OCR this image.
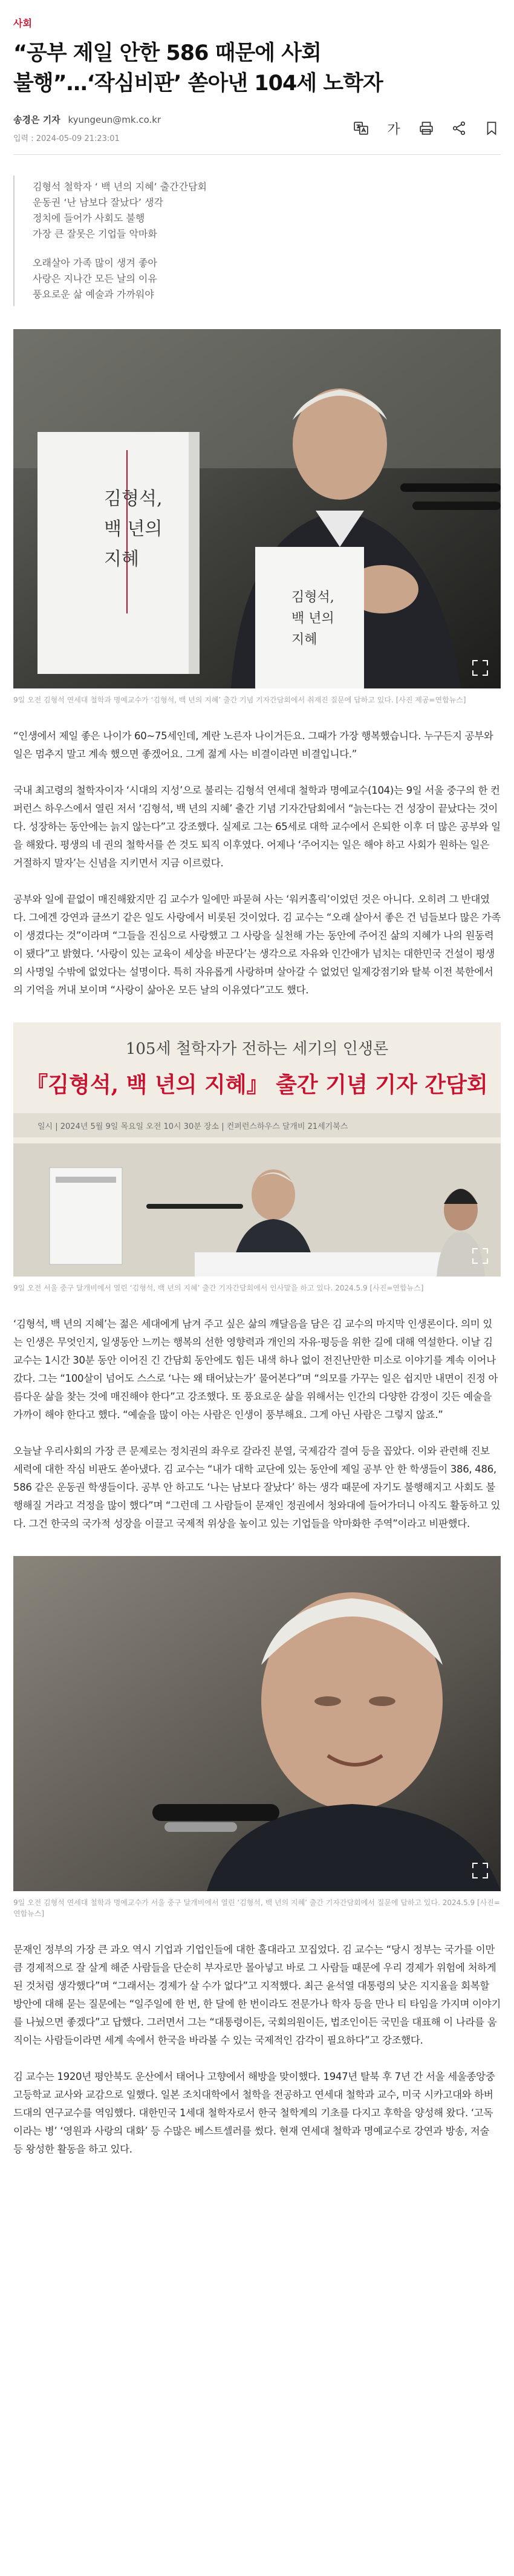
사회
“공부 제일 안한 586 때문에 사회
불행”…‘작심비판’ 쏟아낸 104세 노학자
송경은 기자 kyungeun@mk.co.kr
입력 : 2024-05-09 21:23:01
가
김형석 철학자 ‘ 백 년의 지혜’ 출간간담회
운동권 ‘난 남보다 잘났다’ 생각
정치에 들어가 사회도 불행
가장 큰 잘못은 기업들 악마화
오래살아 가족 많이 생겨 좋아
사랑은 지나간 모든 날의 이유
풍요로운 삶 예술과 가까워야
김형석,
백 년의
지혜
김형석,
백 년의
지혜
9일 오전 김형석 연세대 철학과 명예교수가 ‘김형석, 백 년의 지혜’ 출간 기념 기자간담회에서 취재진 질문에 답하고 있다. [사진 제공=연합뉴스]

“인생에서 제일 좋은 나이가 60~75세인데, 계란 노른자 나이거든요. 그때가 가장 행복했습니다. 누구든지 공부와 일은 멈추지 말고 계속 했으면 좋겠어요. 그게 젊게 사는 비결이라면 비결입니다.”

국내 최고령의 철학자이자 ‘시대의 지성’으로 불리는 김형석 연세대 철학과 명예교수(104)는 9일 서울 중구의 한 컨퍼런스 하우스에서 열린 저서 ‘김형석, 백 년의 지혜’ 출간 기념 기자간담회에서 “늙는다는 건 성장이 끝났다는 것이다. 성장하는 동안에는 늙지 않는다”고 강조했다. 실제로 그는 65세로 대학 교수에서 은퇴한 이후 더 많은 공부와 일을 해왔다. 평생의 네 권의 철학서를 쓴 것도 퇴직 이후였다. 어제나 ‘주어지는 일은 해야 하고 사회가 원하는 일은 거절하지 말자’는 신념을 지키면서 지금 이르렀다.

공부와 일에 끝없이 매진해왔지만 김 교수가 일에만 파묻혀 사는 ‘워커홀릭’이었던 것은 아니다. 오히려 그 반대였다. 그에겐 강연과 글쓰기 같은 일도 사랑에서 비롯된 것이었다. 김 교수는 “오래 살아서 좋은 건 넘들보다 많은 가족이 생겼다는 것”이라며 “그들을 진심으로 사랑했고 그 사랑을 실천해 가는 동안에 주어진 삶의 지혜가 나의 원동력이 됐다”고 밝혔다. ‘사랑이 있는 교육이 세상을 바꾼다’는 생각으로 자유와 인간애가 넘치는 대한민국 건설이 평생의 사명일 수밖에 없었다는 설명이다. 특히 자유롭게 사랑하며 살아갈 수 없었던 일제강점기와 탈북 이전 북한에서의 기억을 꺼내 보이며 “사랑이 삶아온 모든 날의 이유였다”고도 했다.

105세 철학자가 전하는 세기의 인생론
『김형석, 백 년의 지혜』 출간 기념 기자 간담회
일시 | 2024년 5월 9일 목요일 오전 10시 30분 장소 | 컨퍼런스하우스 달개비 21세기북스
9일 오전 서울 중구 달개비에서 열린 ‘김형석, 백 년의 지혜’ 출간 기자간담회에서 인사말을 하고 있다. 2024.5.9 [사진=연합뉴스]

‘김형석, 백 년의 지혜’는 젊은 세대에게 남겨 주고 싶은 삶의 깨달음을 담은 김 교수의 마지막 인생론이다. 의미 있는 인생은 무엇인지, 일생동안 느끼는 행복의 선한 영향력과 개인의 자유·평등을 위한 길에 대해 역설한다. 이날 김 교수는 1시간 30분 동안 이어진 긴 간담회 동안에도 힘든 내색 하나 없이 전진난만한 미소로 이야기를 계속 이어나갔다. 그는 “100살이 넘어도 스스로 ‘나는 왜 태어났는가’ 물어본다”며 “의모를 가꾸는 일은 쉽지만 내면이 진정 아름다운 삶을 찾는 것에 매진해야 한다”고 강조했다. 또 풍요로운 삶을 위해서는 인간의 다양한 감정이 깃든 예술을 가까이 해야 한다고 했다. “예술을 많이 아는 사람은 인생이 풍부해요. 그게 아닌 사람은 그렇지 않죠.”

오늘날 우리사회의 가장 큰 문제로는 정치권의 좌우로 갈라진 분열, 국제감각 결여 등을 꼽았다. 이와 관련해 진보 세력에 대한 작심 비판도 쏟아냈다. 김 교수는 “내가 대학 교단에 있는 동안에 제일 공부 안 한 학생들이 386, 486, 586 같은 운동권 학생들이다. 공부 안 하고도 ‘나는 남보다 잘났다’ 하는 생각 때문에 자기도 불행해지고 사회도 불행해질 거라고 걱정을 많이 했다”며 “그런데 그 사람들이 문재인 정권에서 청와대에 들어가더니 아직도 활동하고 있다. 그건 한국의 국가적 성장을 이끌고 국제적 위상을 높이고 있는 기업들을 악마화한 주역”이라고 비판했다.

9일 오전 김형석 연세대 철학과 명예교수가 서울 중구 달개비에서 열린 ‘김형석, 백 년의 지혜’ 출간 기자간담회에서 질문에 답하고 있다. 2024.5.9 [사진=연합뉴스]

문재인 정부의 가장 큰 과오 역시 기업과 기업인들에 대한 홀대라고 꼬집었다. 김 교수는 “당시 정부는 국가를 이만큼 경제적으로 잘 살게 해준 사람들을 단순히 부자로만 몰아넣고 바로 그 사람들 때문에 우리 경제가 위험에 처하게 된 것처럼 생각했다”며 “그래서는 경제가 살 수가 없다”고 지적했다. 최근 윤석열 대통령의 낮은 지지율을 회복할 방안에 대해 묻는 질문에는 “일주일에 한 번, 한 달에 한 번이라도 전문가나 학자 등을 만나 티 타임을 가지며 이야기를 나눴으면 좋겠다”고 답했다. 그러면서 그는 “대통령이든, 국회의원이든, 법조인이든 국민을 대표해 이 나라를 움직이는 사람들이라면 세계 속에서 한국을 바라볼 수 있는 국제적인 감각이 필요하다”고 강조했다.

김 교수는 1920년 평안북도 운산에서 태어나 고향에서 해방을 맞이했다. 1947년 탈북 후 7년 간 서울 세울종앙중고등학교 교사와 교감으로 일했다. 일본 조치대학에서 철학을 전공하고 연세대 철학과 교수, 미국 시카고대와 하버드대의 연구교수를 역임했다. 대한민국 1세대 철학자로서 한국 철학계의 기초를 다지고 후학을 양성해 왔다. ‘고독이라는 병’ ‘영원과 사랑의 대화’ 등 수많은 베스트셀러를 썼다. 현재 연세대 철학과 명예교수로 강연과 방송, 저술 등 왕성한 활동을 하고 있다.
